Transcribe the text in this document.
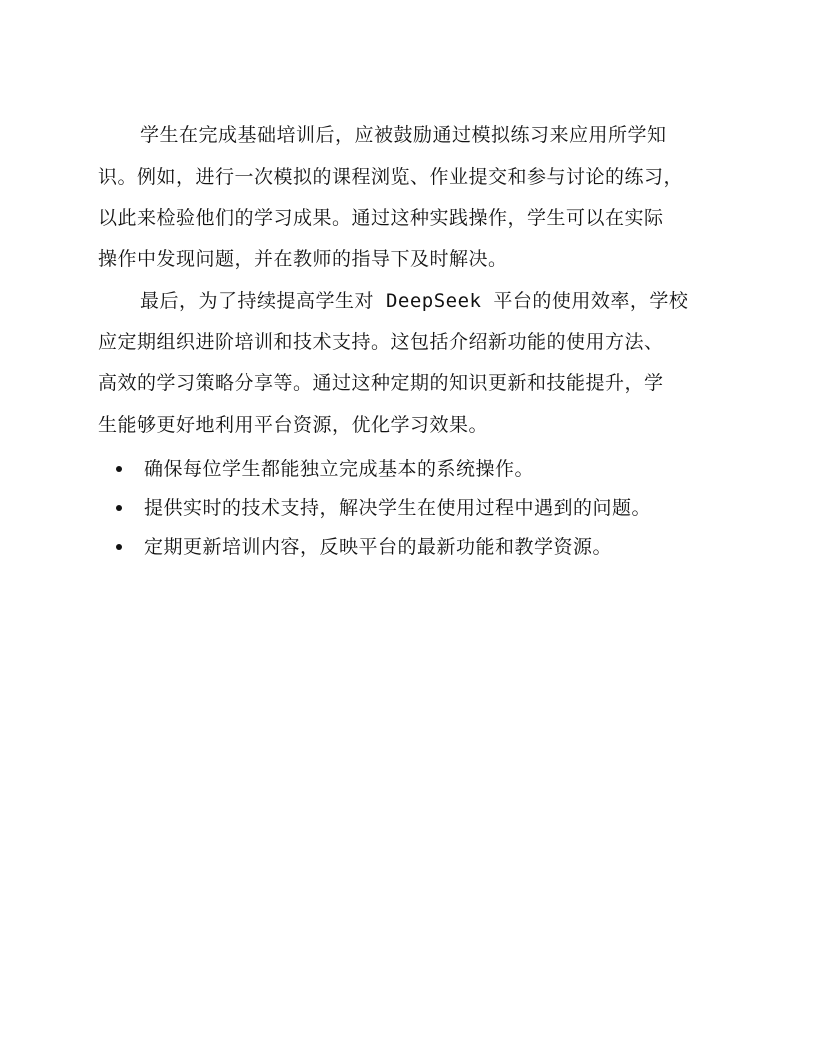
学生在完成基础培训后，应被鼓励通过模拟练习来应用所学知
识。例如，进行一次模拟的课程浏览、作业提交和参与讨论的练习，
以此来检验他们的学习成果。通过这种实践操作，学生可以在实际
操作中发现问题，并在教师的指导下及时解决。
最后，为了持续提高学生对 DeepSeek 平台的使用效率，学校
应定期组织进阶培训和技术支持。这包括介绍新功能的使用方法、
高效的学习策略分享等。通过这种定期的知识更新和技能提升，学
生能够更好地利用平台资源，优化学习效果。
确保每位学生都能独立完成基本的系统操作。
提供实时的技术支持，解决学生在使用过程中遇到的问题。
定期更新培训内容，反映平台的最新功能和教学资源。
